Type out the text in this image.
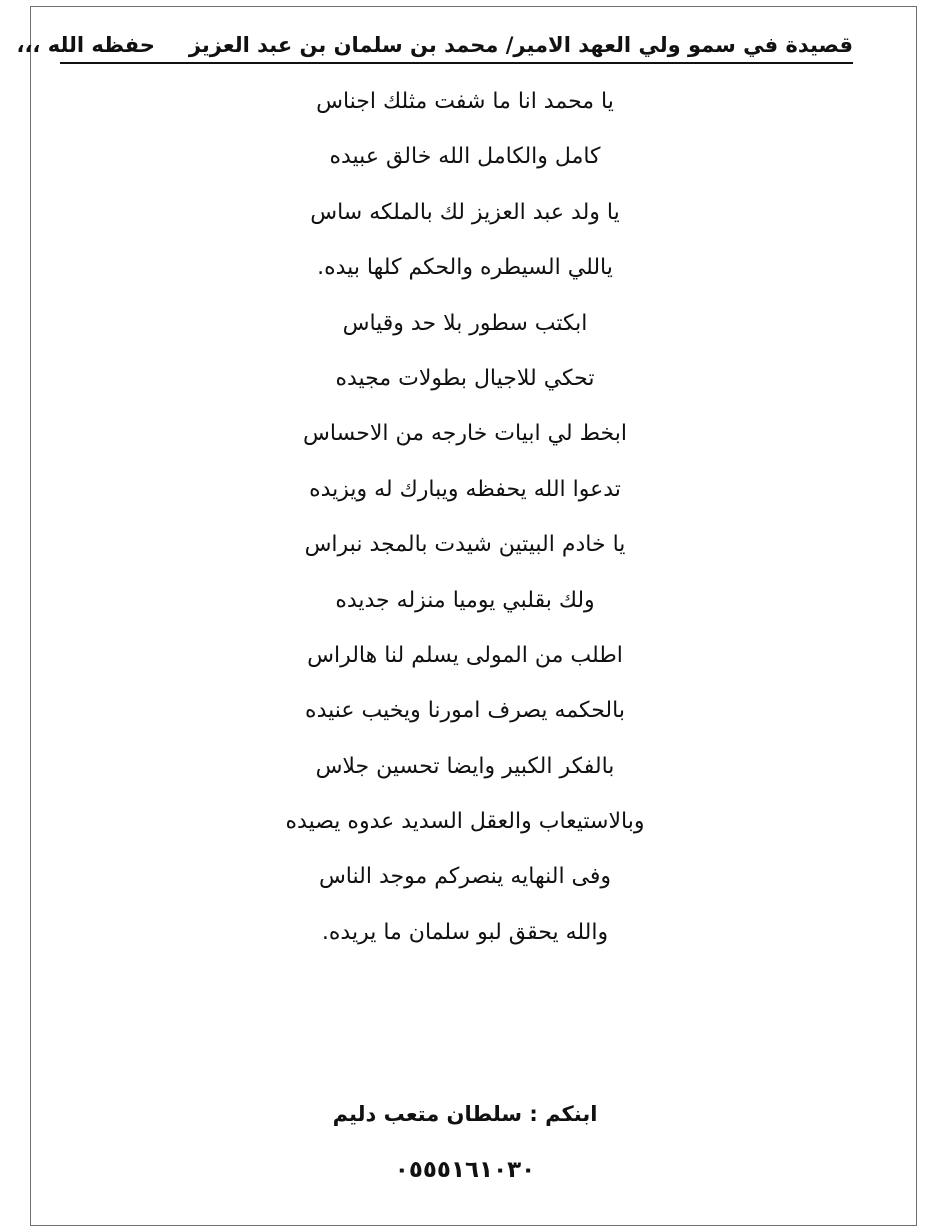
قصيدة في سمو ولي العهد الامير/ محمد بن سلمان بن عبد العزيزحفظه الله ،،،
يا محمد انا ما شفت مثلك اجناس
كامل والكامل الله خالق عبيده
يا ولد عبد العزيز لك بالملكه ساس
ياللي السيطره والحكم كلها بيده.
ابكتب سطور بلا حد وقياس
تحكي للاجيال بطولات مجيده
ابخط لي ابيات خارجه من الاحساس
تدعوا الله يحفظه ويبارك له ويزيده
يا خادم البيتين شيدت بالمجد نبراس
ولك بقلبي يوميا منزله جديده
اطلب من المولى يسلم لنا هالراس
بالحكمه يصرف امورنا ويخيب عنيده
بالفكر الكبير وايضا تحسين جلاس
وبالاستيعاب والعقل السديد عدوه يصيده
وفى النهايه ينصركم موجد الناس
والله يحقق لبو سلمان ما يريده.
ابنكم : سلطان متعب دليم
٠٥٥٥١٦١٠٣٠
